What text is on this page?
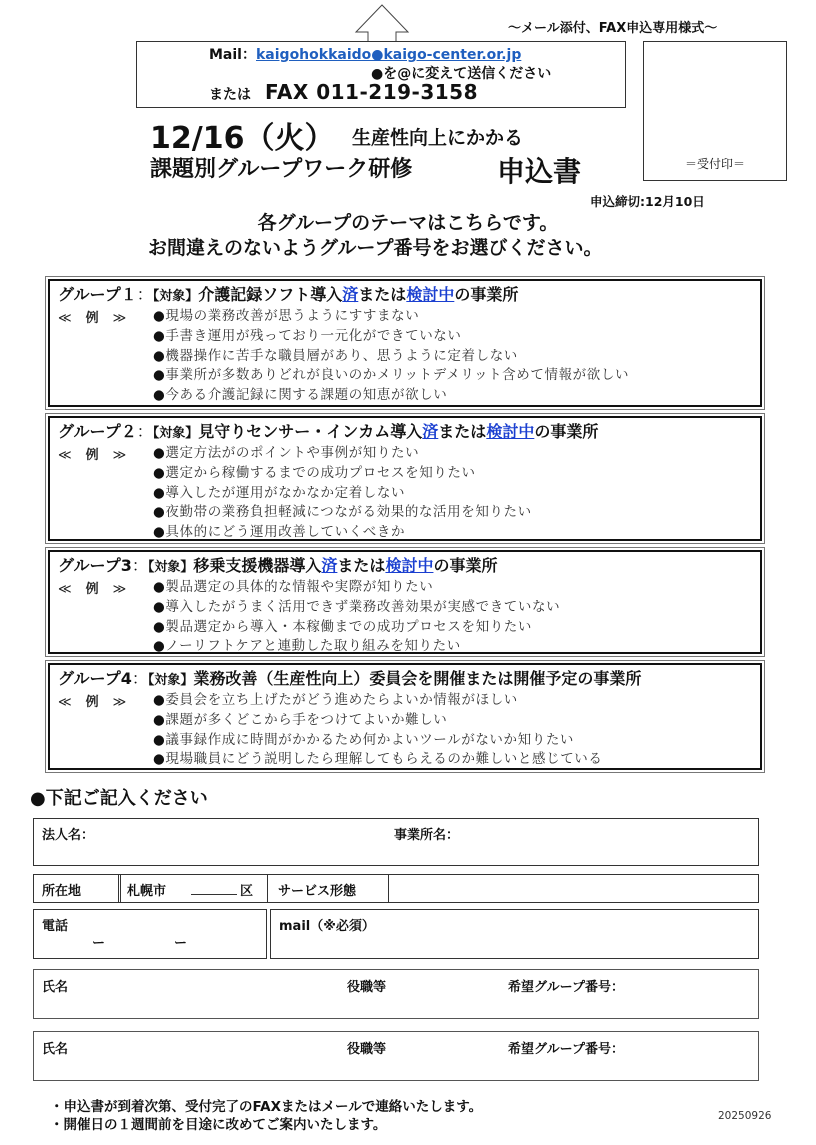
～メール添付、FAX申込専用様式～
Mail：kaigohokkaido●kaigo-center.or.jp
●を@に変えて送信ください
または FAX 011-219-3158
＝受付印＝
12/16（火） 生産性向上にかかる
課題別グループワーク研修	申込書
申込締切:12月10日
各グループのテーマはこちらです。
お間違えのないようグループ番号をお選びください。
グループ１：【対象】介護記録ソフト導入済または検討中の事業所
≪ 例 ≫	● 現場の業務改善が思うようにすすまない
● 手書き運用が残っており一元化ができていない
● 機器操作に苦手な職員層があり、思うように定着しない
● 事業所が多数ありどれが良いのかメリットデメリット含めて情報が欲しい
● 今ある介護記録に関する課題の知恵が欲しい
グループ２：【対象】見守りセンサー・インカム導入済または検討中の事業所
≪ 例 ≫	● 選定方法がのポイントや事例が知りたい
● 選定から稼働するまでの成功プロセスを知りたい
● 導入したが運用がなかなか定着しない
● 夜勤帯の業務負担軽減につながる効果的な活用を知りたい
● 具体的にどう運用改善していくべきか
グループ3：【対象】移乗支援機器導入済または検討中の事業所
≪ 例 ≫	● 製品選定の具体的な情報や実際が知りたい
● 導入したがうまく活用できず業務改善効果が実感できていない
● 製品選定から導入・本稼働までの成功プロセスを知りたい
● ノーリフトケアと連動した取り組みを知りたい
グループ4：【対象】業務改善（生産性向上）委員会を開催または開催予定の事業所
≪ 例 ≫	● 委員会を立ち上げたがどう進めたらよいか情報がほしい
● 課題が多くどこから手をつけてよいか難しい
● 議事録作成に時間がかかるため何かよいツールがないか知りたい
● 現場職員にどう説明したら理解してもらえるのか難しいと感じている
●下記ご記入ください
法人名：	事業所名：
所在地	札幌市	区 サービス形態
電話
ー	ー
mail（※必須）
氏名	役職等	希望グループ番号：
氏名	役職等	希望グループ番号：
・ 申込書が到着次第、受付完了のFAXまたはメールで連絡いたします。
・ 開催日の１週間前を目途に改めてご案内いたします。
20250926
